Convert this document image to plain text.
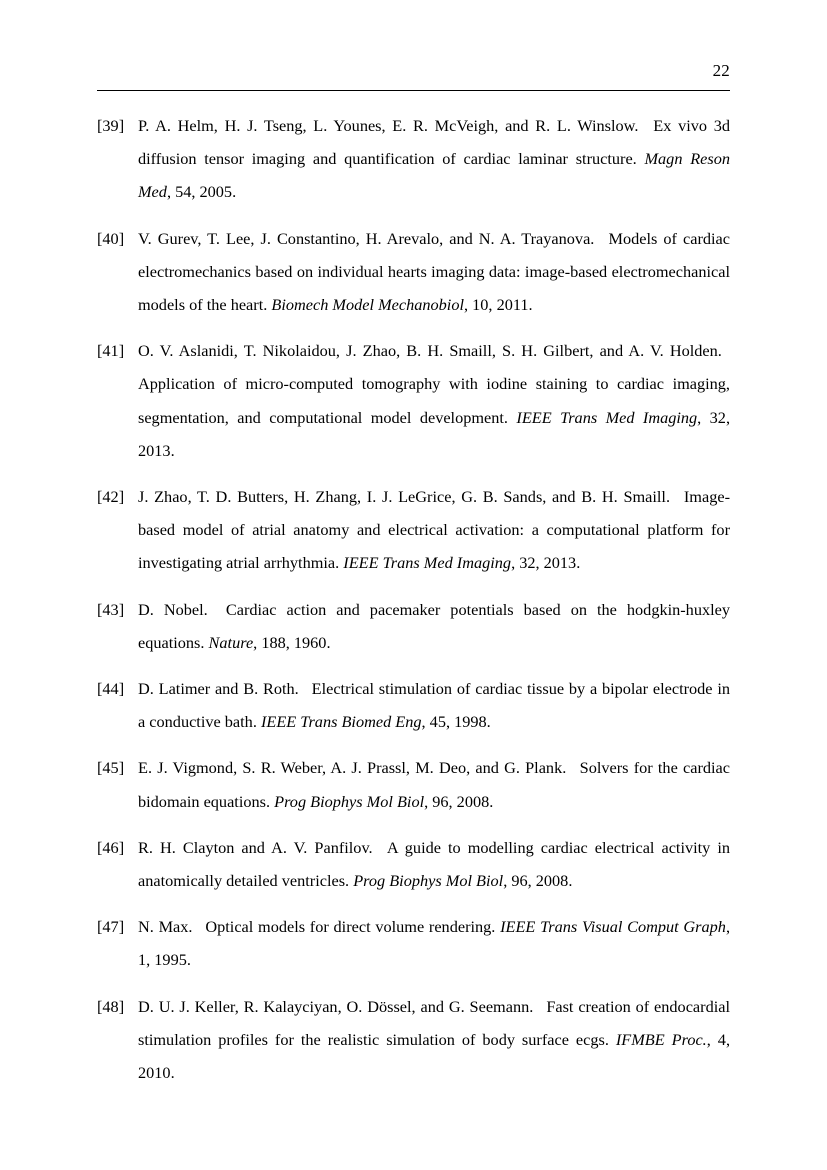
22
[39] P. A. Helm, H. J. Tseng, L. Younes, E. R. McVeigh, and R. L. Winslow.  Ex vivo 3d diffusion tensor imaging and quantification of cardiac laminar structure. Magn Reson Med, 54, 2005.
[40] V. Gurev, T. Lee, J. Constantino, H. Arevalo, and N. A. Trayanova.  Models of cardiac electromechanics based on individual hearts imaging data: image-based electromechanical models of the heart. Biomech Model Mechanobiol, 10, 2011.
[41] O. V. Aslanidi, T. Nikolaidou, J. Zhao, B. H. Smaill, S. H. Gilbert, and A. V. Holden.  Application of micro-computed tomography with iodine staining to cardiac imaging, segmentation, and computational model development. IEEE Trans Med Imaging, 32, 2013.
[42] J. Zhao, T. D. Butters, H. Zhang, I. J. LeGrice, G. B. Sands, and B. H. Smaill.  Image-based model of atrial anatomy and electrical activation: a computational platform for investigating atrial arrhythmia. IEEE Trans Med Imaging, 32, 2013.
[43] D. Nobel.  Cardiac action and pacemaker potentials based on the hodgkin-huxley equations. Nature, 188, 1960.
[44] D. Latimer and B. Roth.  Electrical stimulation of cardiac tissue by a bipolar electrode in a conductive bath. IEEE Trans Biomed Eng, 45, 1998.
[45] E. J. Vigmond, S. R. Weber, A. J. Prassl, M. Deo, and G. Plank.  Solvers for the cardiac bidomain equations. Prog Biophys Mol Biol, 96, 2008.
[46] R. H. Clayton and A. V. Panfilov.  A guide to modelling cardiac electrical activity in anatomically detailed ventricles. Prog Biophys Mol Biol, 96, 2008.
[47] N. Max.  Optical models for direct volume rendering. IEEE Trans Visual Comput Graph, 1, 1995.
[48] D. U. J. Keller, R. Kalayciyan, O. Dössel, and G. Seemann.  Fast creation of endocardial stimulation profiles for the realistic simulation of body surface ecgs. IFMBE Proc., 4, 2010.
